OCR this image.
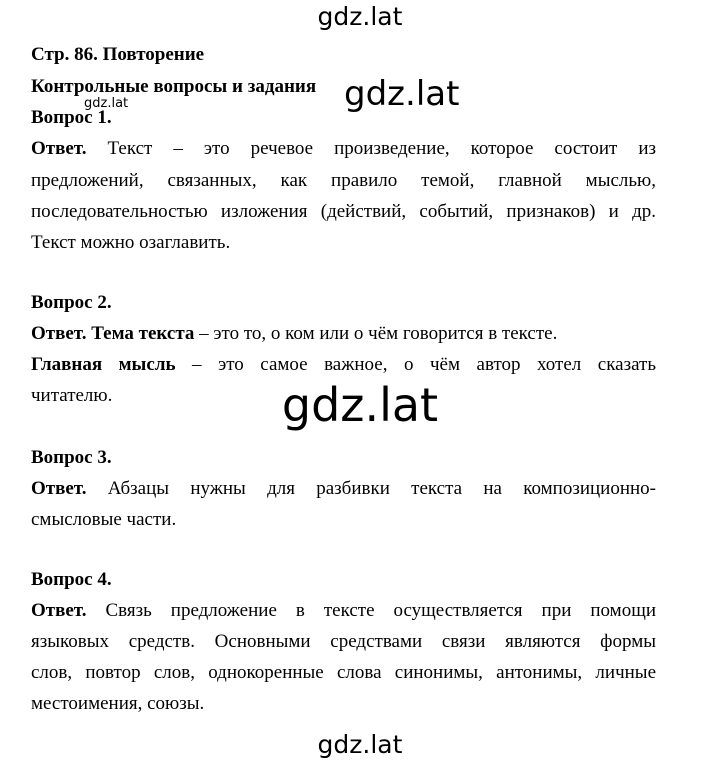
gdz.lat
Стр. 86. Повторение
Контрольные вопросы и задания gdz.lat
gdz.lat
Вопрос 1.
Ответ. Текст – это речевое произведение, которое состоит из
предложений, связанных, как правило темой, главной мыслью,
последовательностью изложения (действий, событий, признаков) и др.
Текст можно озаглавить.
Вопрос 2.
Ответ. Тема текста – это то, о ком или о чём говорится в тексте.
Главная мысль – это самое важное, о чём автор хотел сказать
читателю.	gdz.lat
Вопрос 3.
Ответ. Абзацы нужны для разбивки текста на композиционно-
смысловые части.
Вопрос 4.
Ответ. Связь предложение в тексте осуществляется при помощи
языковых средств. Основными средствами связи являются формы
слов, повтор слов, однокоренные слова синонимы, антонимы, личные
местоимения, союзы.
gdz.lat
